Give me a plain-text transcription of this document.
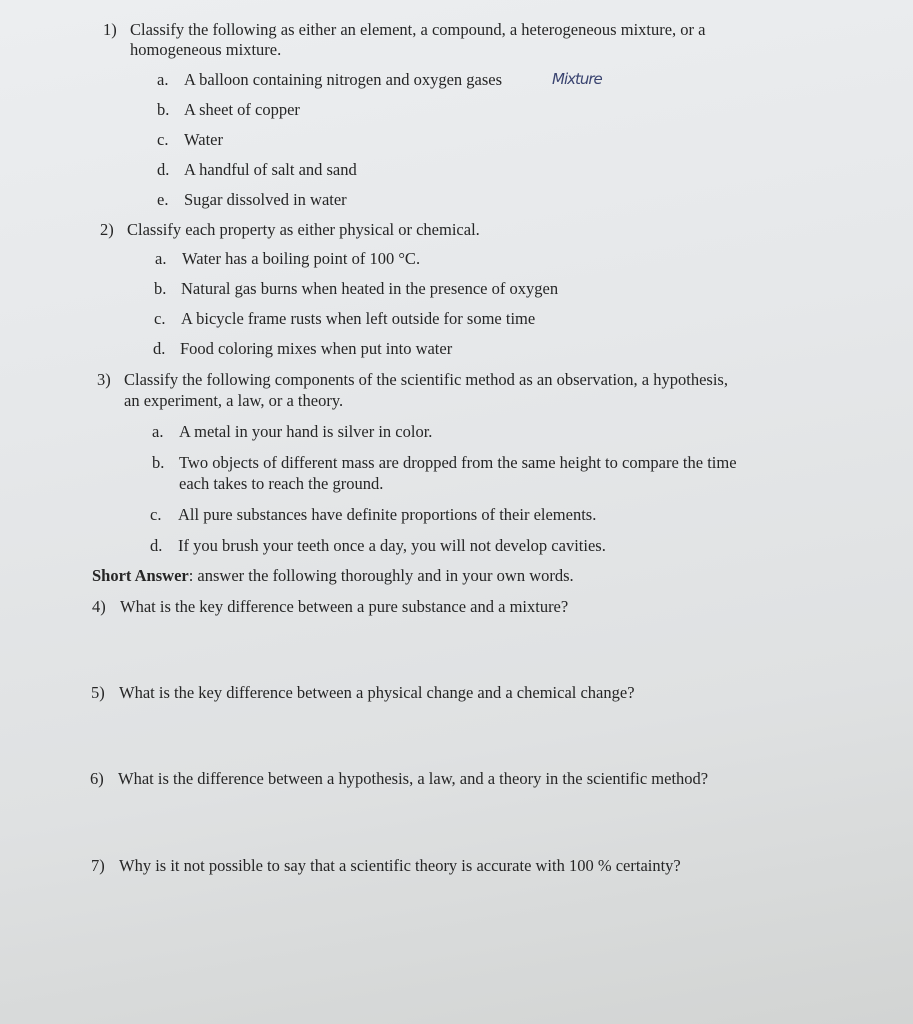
1) Classify the following as either an element, a compound, a heterogeneous mixture, or a
homogeneous mixture.
a. A balloon containing nitrogen and oxygen gases	Mixture
b. A sheet of copper
c. Water
d. A handful of salt and sand
e. Sugar dissolved in water
2) Classify each property as either physical or chemical.
a. Water has a boiling point of 100 °C.
b. Natural gas burns when heated in the presence of oxygen
c. A bicycle frame rusts when left outside for some time
d. Food coloring mixes when put into water
3) Classify the following components of the scientific method as an observation, a hypothesis,
an experiment, a law, or a theory.
a. A metal in your hand is silver in color.
b. Two objects of different mass are dropped from the same height to compare the time
each takes to reach the ground.
c. All pure substances have definite proportions of their elements.
d. If you brush your teeth once a day, you will not develop cavities.
Short Answer: answer the following thoroughly and in your own words.
4) What is the key difference between a pure substance and a mixture?
5) What is the key difference between a physical change and a chemical change?
6) What is the difference between a hypothesis, a law, and a theory in the scientific method?
7) Why is it not possible to say that a scientific theory is accurate with 100 % certainty?
